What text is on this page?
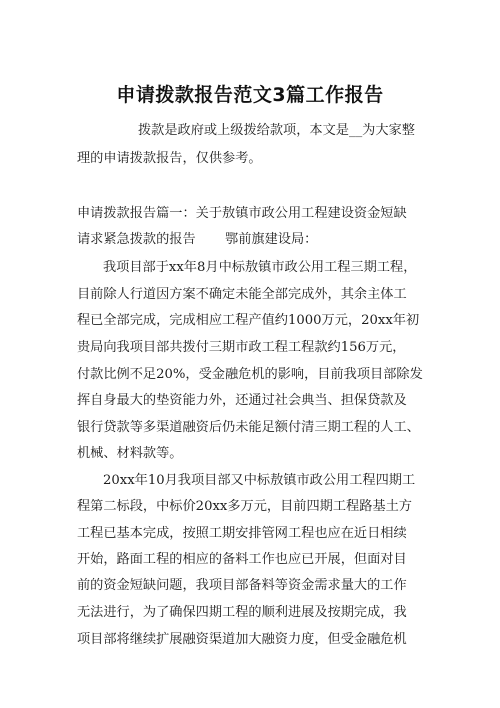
申请拨款报告范文3篇工作报告
拨款是政府或上级拨给款项，本文是__为大家整
理的申请拨款报告，仅供参考。
申请拨款报告篇一：关于敖镇市政公用工程建设资金短缺
请求紧急拨款的报告       鄂前旗建设局：
我项目部于xx年8月中标敖镇市政公用工程三期工程，
目前除人行道因方案不确定未能全部完成外，其余主体工
程已全部完成，完成相应工程产值约1000万元，20xx年初
贵局向我项目部共拨付三期市政工程工程款约156万元，
付款比例不足20%，受金融危机的影响，目前我项目部除发
挥自身最大的垫资能力外，还通过社会典当、担保贷款及
银行贷款等多渠道融资后仍未能足额付清三期工程的人工、
机械、材料款等。
20xx年10月我项目部又中标敖镇市政公用工程四期工
程第二标段，中标价20xx多万元，目前四期工程路基土方
工程已基本完成，按照工期安排管网工程也应在近日相续
开始，路面工程的相应的备料工作也应已开展，但面对目
前的资金短缺问题，我项目部备料等资金需求量大的工作
无法进行，为了确保四期工程的顺利进展及按期完成，我
项目部将继续扩展融资渠道加大融资力度，但受金融危机
